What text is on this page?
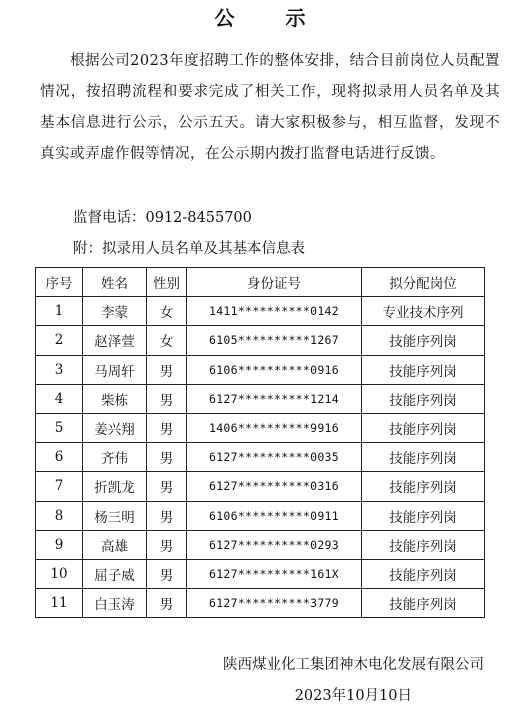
公 示
根据公司2023年度招聘工作的整体安排，结合目前岗位人员配置情况，按招聘流程和要求完成了相关工作，现将拟录用人员名单及其基本信息进行公示，公示五天。请大家积极参与，相互监督，发现不真实或弄虚作假等情况，在公示期内拨打监督电话进行反馈。
监督电话：0912-8455700
附：拟录用人员名单及其基本信息表
序号	姓名	性别	身份证号	拟分配岗位
1	李蒙	女	1411**********0142	专业技术序列
2	赵泽萱	女	6105**********1267	技能序列岗
3	马周轩	男	6106**********0916	技能序列岗
4	柴栋	男	6127**********1214	技能序列岗
5	姜兴翔	男	1406**********9916	技能序列岗
6	齐伟	男	6127**********0035	技能序列岗
7	折凯龙	男	6127**********0316	技能序列岗
8	杨三明	男	6106**********0911	技能序列岗
9	高雄	男	6127**********0293	技能序列岗
10	屈子威	男	6127**********161X	技能序列岗
11	白玉涛	男	6127**********3779	技能序列岗
陕西煤业化工集团神木电化发展有限公司
2023年10月10日
